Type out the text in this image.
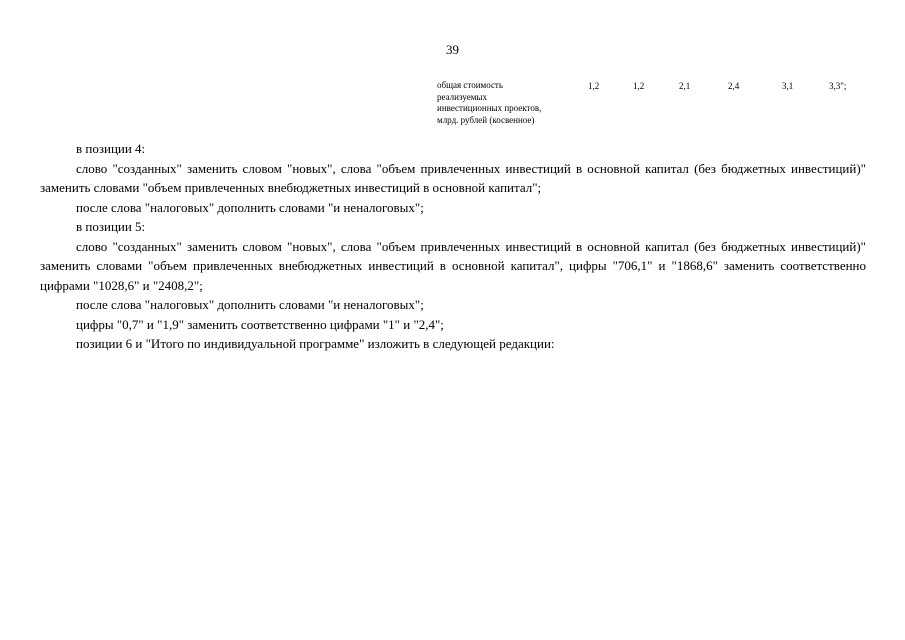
39
общая стоимость
реализуемых
инвестиционных проектов,
млрд. рублей (косвенное)
1,2	1,2	2,1	2,4	3,1	3,3";

в позиции 4:

слово "созданных" заменить словом "новых", слова "объем привлеченных инвестиций в основной капитал (без бюджетных инвестиций)" заменить словами "объем привлеченных внебюджетных инвестиций в основной капитал";

после слова "налоговых" дополнить словами "и неналоговых";

в позиции 5:

слово "созданных" заменить словом "новых", слова "объем привлеченных инвестиций в основной капитал (без бюджетных инвестиций)" заменить словами "объем привлеченных внебюджетных инвестиций в основной капитал", цифры "706,1" и "1868,6" заменить соответственно цифрами "1028,6" и "2408,2";

после слова "налоговых" дополнить словами "и неналоговых";

цифры "0,7" и "1,9" заменить соответственно цифрами "1" и "2,4";

позиции 6 и "Итого по индивидуальной программе" изложить в следующей редакции:
